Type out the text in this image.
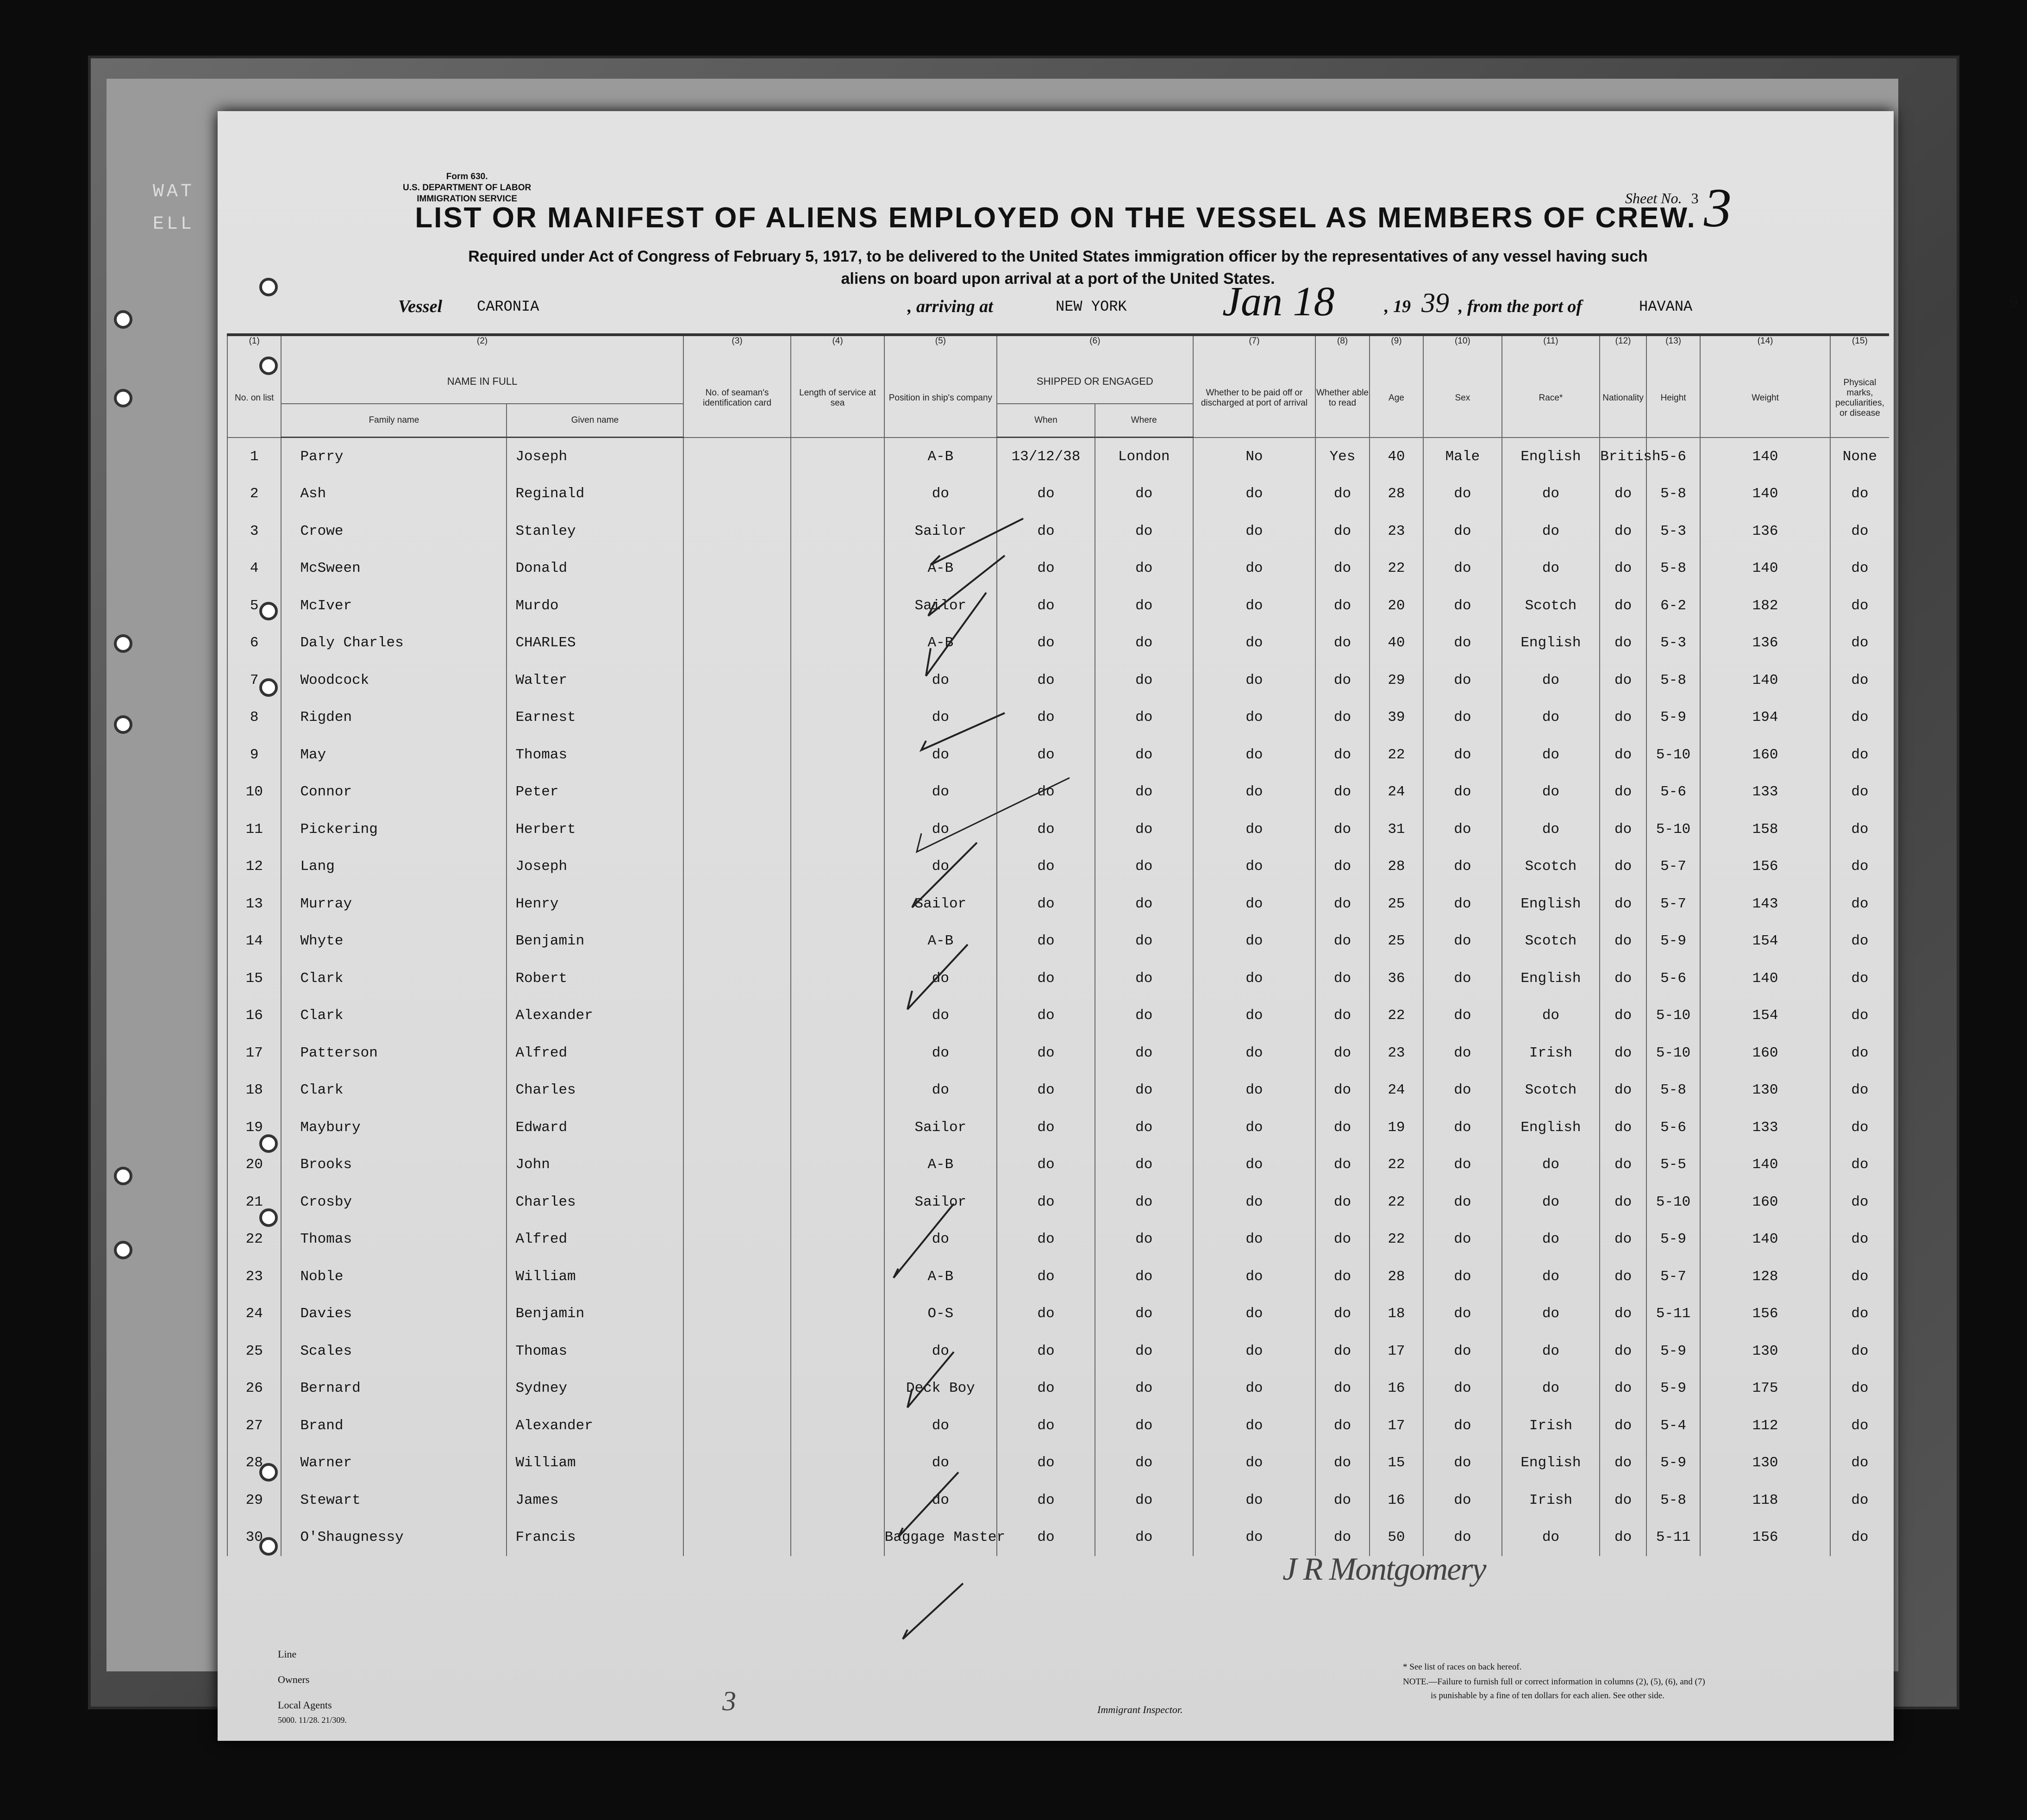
WAT
ELL
Form 630.
U.S. DEPARTMENT OF LABOR
IMMIGRATION SERVICE	Sheet No. 3 3
LIST OR MANIFEST OF ALIENS EMPLOYED ON THE VESSEL AS MEMBERS OF CREW.
Required under Act of Congress of February 5, 1917, to be delivered to the United States immigration officer by the representatives of any vessel having such
aliens on board upon arrival at a port of the United States.
Vessel CARONIA	, arriving at	NEW YORK Jan 18	, 19 39 , from the port of	HAVANA	9
(1)	(2)		(3)	(4)	(5)	(6)		(7)	(8)	(9)	(10)	(11)	(12)	(13)	(14)	(15)
No. on list	NAME IN FULL		No. of seaman's identification card	Length of service at sea	Position in ship's company	SHIPPED OR ENGAGED		Whether to be paid off or discharged at port of arrival	Whether able to read	Age	Sex	Race*	Nationality	Height	Weight	Physical marks, peculiarities, or disease
	Family name	Given name				When	Where									
1	Parry	Joseph			A-B	13/12/38	London	No	Yes	40	Male	English	British	5-6	140	None
2	Ash	Reginald			do	do	do	do	do	28	do	do	do	5-8	140	do
3	Crowe	Stanley			Sailor	do	do	do	do	23	do	do	do	5-3	136	do
4	McSween	Donald			A-B	do	do	do	do	22	do	do	do	5-8	140	do
5	McIver	Murdo			Sailor	do	do	do	do	20	do	Scotch	do	6-2	182	do
6	Daly Charles	CHARLES			A-B	do	do	do	do	40	do	English	do	5-3	136	do
7	Woodcock	Walter			do	do	do	do	do	29	do	do	do	5-8	140	do
8	Rigden	Earnest			do	do	do	do	do	39	do	do	do	5-9	194	do
9	May	Thomas			do	do	do	do	do	22	do	do	do	5-10	160	do
10	Connor	Peter			do	do	do	do	do	24	do	do	do	5-6	133	do
11	Pickering	Herbert			do	do	do	do	do	31	do	do	do	5-10	158	do
12	Lang	Joseph			do	do	do	do	do	28	do	Scotch	do	5-7	156	do
13	Murray	Henry			Sailor	do	do	do	do	25	do	English	do	5-7	143	do
14	Whyte	Benjamin			A-B	do	do	do	do	25	do	Scotch	do	5-9	154	do
15	Clark	Robert			do	do	do	do	do	36	do	English	do	5-6	140	do
16	Clark	Alexander			do	do	do	do	do	22	do	do	do	5-10	154	do
17	Patterson	Alfred			do	do	do	do	do	23	do	Irish	do	5-10	160	do
18	Clark	Charles			do	do	do	do	do	24	do	Scotch	do	5-8	130	do
19	Maybury	Edward			Sailor	do	do	do	do	19	do	English	do	5-6	133	do
20	Brooks	John			A-B	do	do	do	do	22	do	do	do	5-5	140	do
21	Crosby	Charles			Sailor	do	do	do	do	22	do	do	do	5-10	160	do
22	Thomas	Alfred			do	do	do	do	do	22	do	do	do	5-9	140	do
23	Noble	William			A-B	do	do	do	do	28	do	do	do	5-7	128	do
24	Davies	Benjamin			O-S	do	do	do	do	18	do	do	do	5-11	156	do
25	Scales	Thomas			do	do	do	do	do	17	do	do	do	5-9	130	do
26	Bernard	Sydney			Deck Boy	do	do	do	do	16	do	do	do	5-9	175	do
27	Brand	Alexander			do	do	do	do	do	17	do	Irish	do	5-4	112	do
28	Warner	William			do	do	do	do	do	15	do	English	do	5-9	130	do
29	Stewart	James			do	do	do	do	do	16	do	Irish	do	5-8	118	do
30	O'Shaugnessy	Francis			Baggage Master	do	do	do	do	50	do	do	do	5-11	156	do
J R Montgomery
Line
Owners
Local Agents
5000. 11/28. 21/309.
3	Immigrant Inspector.
* See list of races on back hereof.
NOTE.—Failure to furnish full or correct information in columns (2), (5), (6), and (7)
is punishable by a fine of ten dollars for each alien. See other side.
